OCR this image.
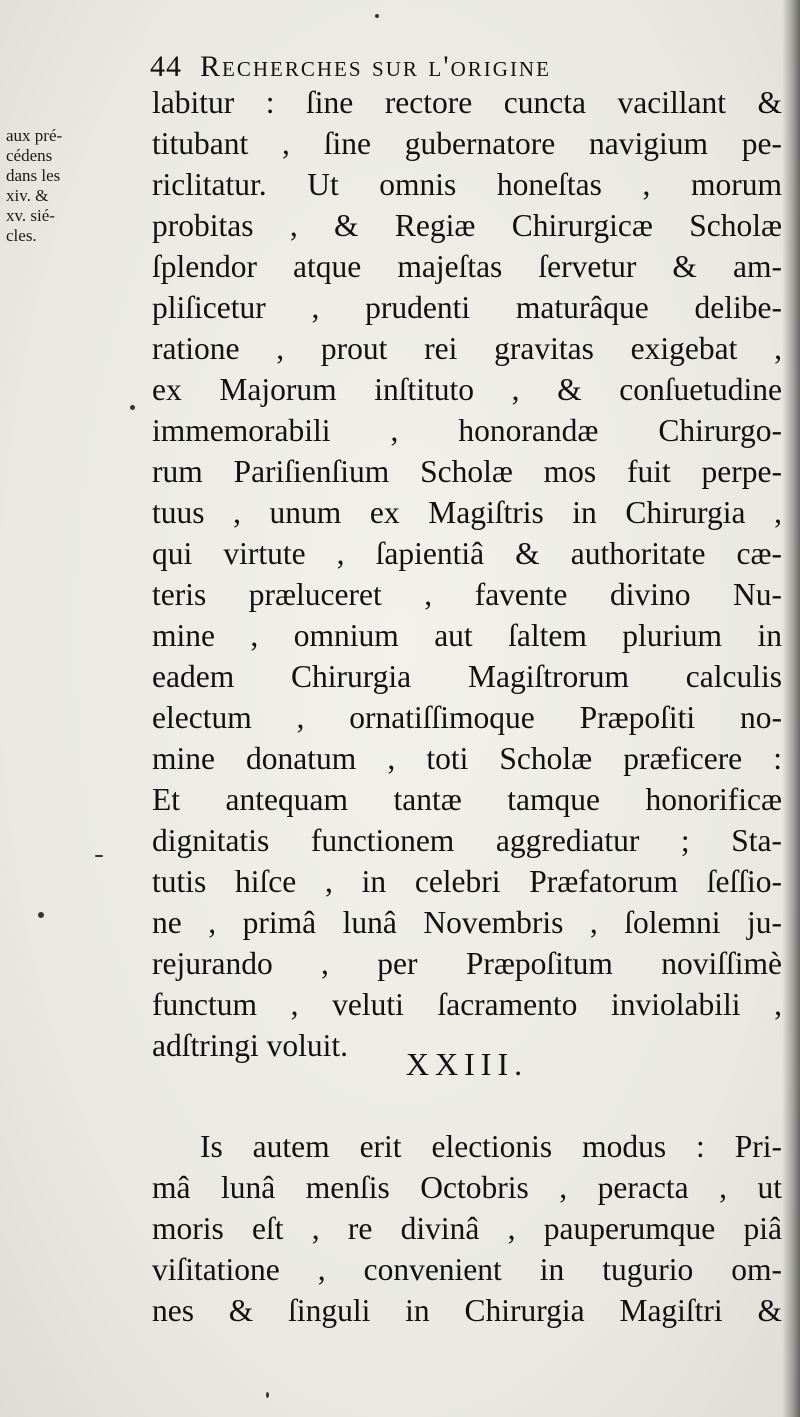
44 Recherches sur l'origine
aux pré-
cédens
dans les
xiv. &
xv. sié-
cles.
labitur : ſine rectore cuncta vacillant &
titubant , ſine gubernatore navigium pe-
riclitatur. Ut omnis honeſtas , morum
probitas , & Regiæ Chirurgicæ Scholæ
ſplendor atque majeſtas ſervetur & am-
pliſicetur , prudenti maturâque delibe-
ratione , prout rei gravitas exigebat ,
ex Majorum inſtituto , & conſuetudine
immemorabili , honorandæ Chirurgo-
rum Pariſienſium Scholæ mos fuit perpe-
tuus , unum ex Magiſtris in Chirurgia ,
qui virtute , ſapientiâ & authoritate cæ-
teris præluceret , favente divino Nu-
mine , omnium aut ſaltem plurium in
eadem Chirurgia Magiſtrorum calculis
electum , ornatiſſimoque Præpoſiti no-
mine donatum , toti Scholæ præficere :
Et antequam tantæ tamque honorificæ
dignitatis functionem aggrediatur ; Sta-
tutis hiſce , in celebri Præfatorum ſeſſio-
ne , primâ lunâ Novembris , ſolemni ju-
rejurando , per Præpoſitum noviſſimè
functum , veluti ſacramento inviolabili ,
adſtringi voluit.
XXIII.
Is autem erit electionis modus : Pri-
mâ lunâ menſis Octobris , peracta , ut
moris eſt , re divinâ , pauperumque piâ
viſitatione , convenient in tugurio om-
nes & ſinguli in Chirurgia Magiſtri &
